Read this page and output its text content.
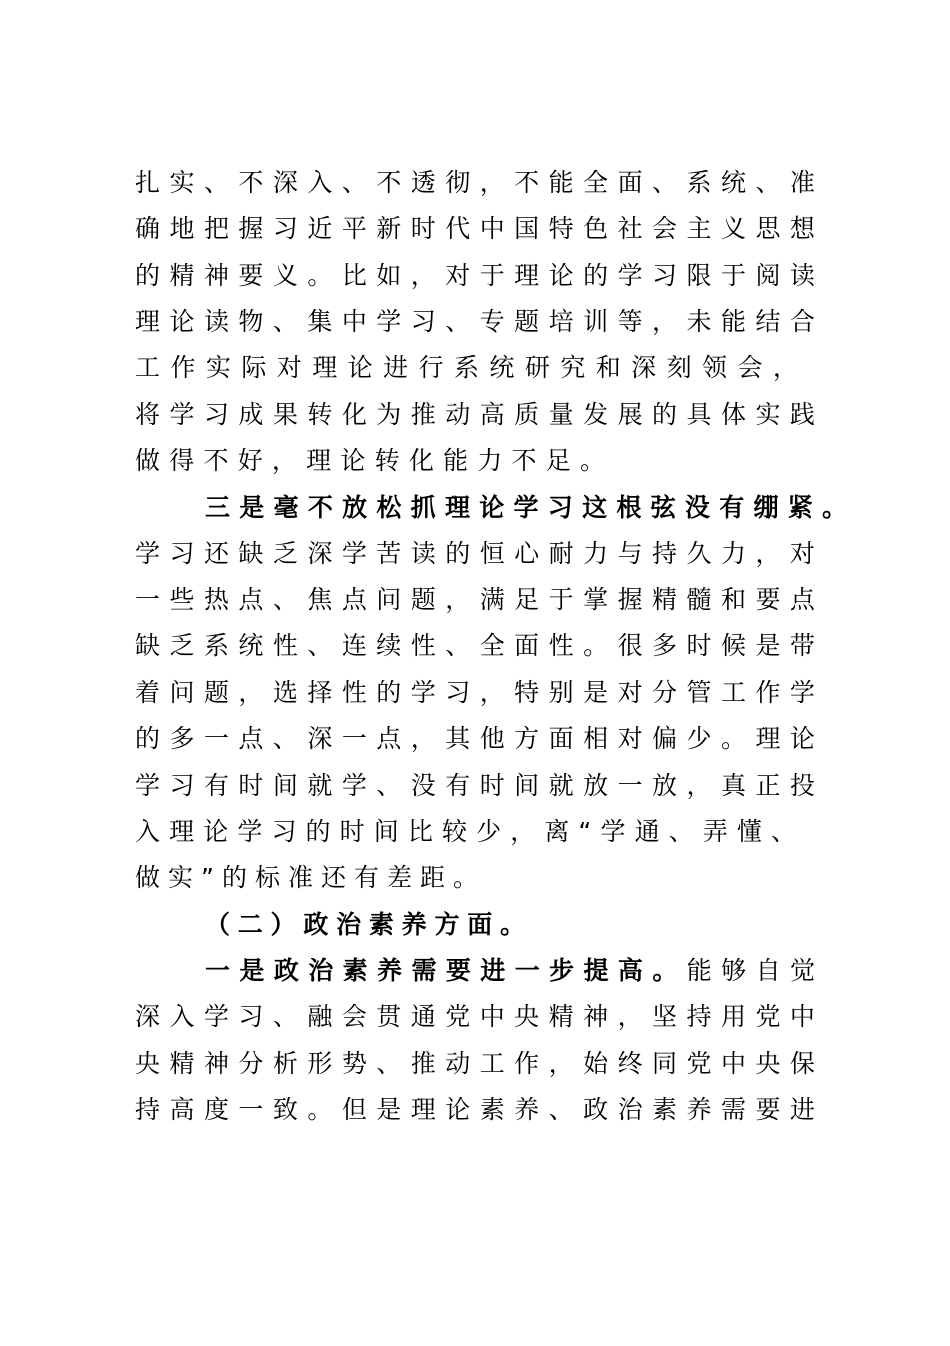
扎实、不深入、不透彻，不能全面、系统、准
确地把握习近平新时代中国特色社会主义思想
的精神要义。比如，对于理论的学习限于阅读
理论读物、集中学习、专题培训等，未能结合
工作实际对理论进行系统研究和深刻领会，
将学习成果转化为推动高质量发展的具体实践
做得不好，理论转化能力不足。
三是毫不放松抓理论学习这根弦没有绷紧。
学习还缺乏深学苦读的恒心耐力与持久力，对
一些热点、焦点问题，满足于掌握精髓和要点
缺乏系统性、连续性、全面性。很多时候是带
着问题，选择性的学习，特别是对分管工作学
的多一点、深一点，其他方面相对偏少。理论
学习有时间就学、没有时间就放一放，真正投
入理论学习的时间比较少，离“学通、弄懂、
做实”的标准还有差距。
（二）政治素养方面。
一是政治素养需要进一步提高。能够自觉
深入学习、融会贯通党中央精神，坚持用党中
央精神分析形势、推动工作，始终同党中央保
持高度一致。但是理论素养、政治素养需要进
